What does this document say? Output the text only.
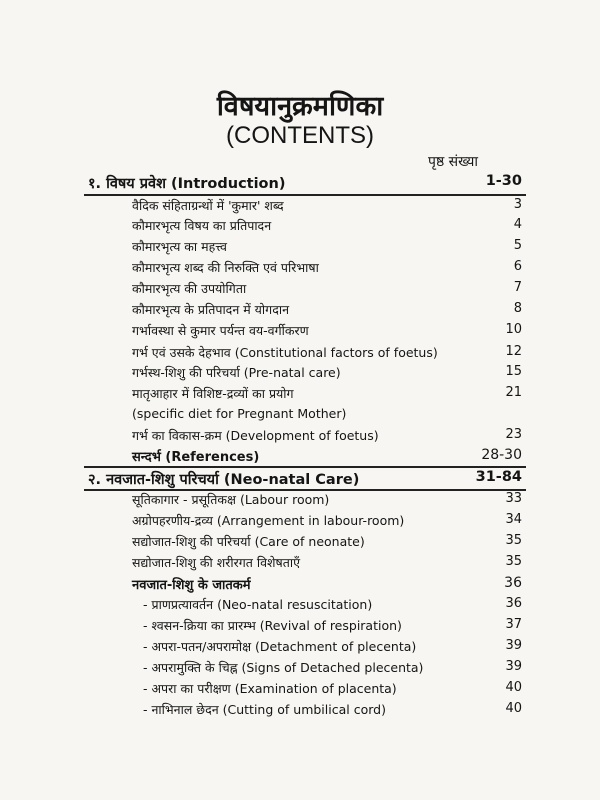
विषयानुक्रमणिका
(CONTENTS)
पृष्ठ संख्या
१. विषय प्रवेश (Introduction)	1-30
वैदिक संहिताग्रन्थों में 'कुमार' शब्द	3
कौमारभृत्य विषय का प्रतिपादन	4
कौमारभृत्य का महत्त्व	5
कौमारभृत्य शब्द की निरुक्ति एवं परिभाषा	6
कौमारभृत्य की उपयोगिता	7
कौमारभृत्य के प्रतिपादन में योगदान	8
गर्भावस्था से कुमार पर्यन्त वय-वर्गीकरण	10
गर्भ एवं उसके देहभाव (Constitutional factors of foetus)	12
गर्भस्थ-शिशु की परिचर्या (Pre-natal care)	15
मातृआहार में विशिष्ट-द्रव्यों का प्रयोग	21
(specific diet for Pregnant Mother)
गर्भ का विकास-क्रम (Development of foetus)	23
सन्दर्भ (References)	28-30
२. नवजात-शिशु परिचर्या (Neo-natal Care)	31-84
सूतिकागार - प्रसूतिकक्ष (Labour room)	33
अग्रोपहरणीय-द्रव्य (Arrangement in labour-room)	34
सद्योजात-शिशु की परिचर्या (Care of neonate)	35
सद्योजात-शिशु की शरीरगत विशेषताएँ	35
नवजात-शिशु के जातकर्म	36
- प्राणप्रत्यावर्तन (Neo-natal resuscitation)	36
- श्वसन-क्रिया का प्रारम्भ (Revival of respiration)	37
- अपरा-पतन/अपरामोक्ष (Detachment of plecenta)	39
- अपरामुक्ति के चिह्न (Signs of Detached plecenta)	39
- अपरा का परीक्षण (Examination of placenta)	40
- नाभिनाल छेदन (Cutting of umbilical cord)	40
